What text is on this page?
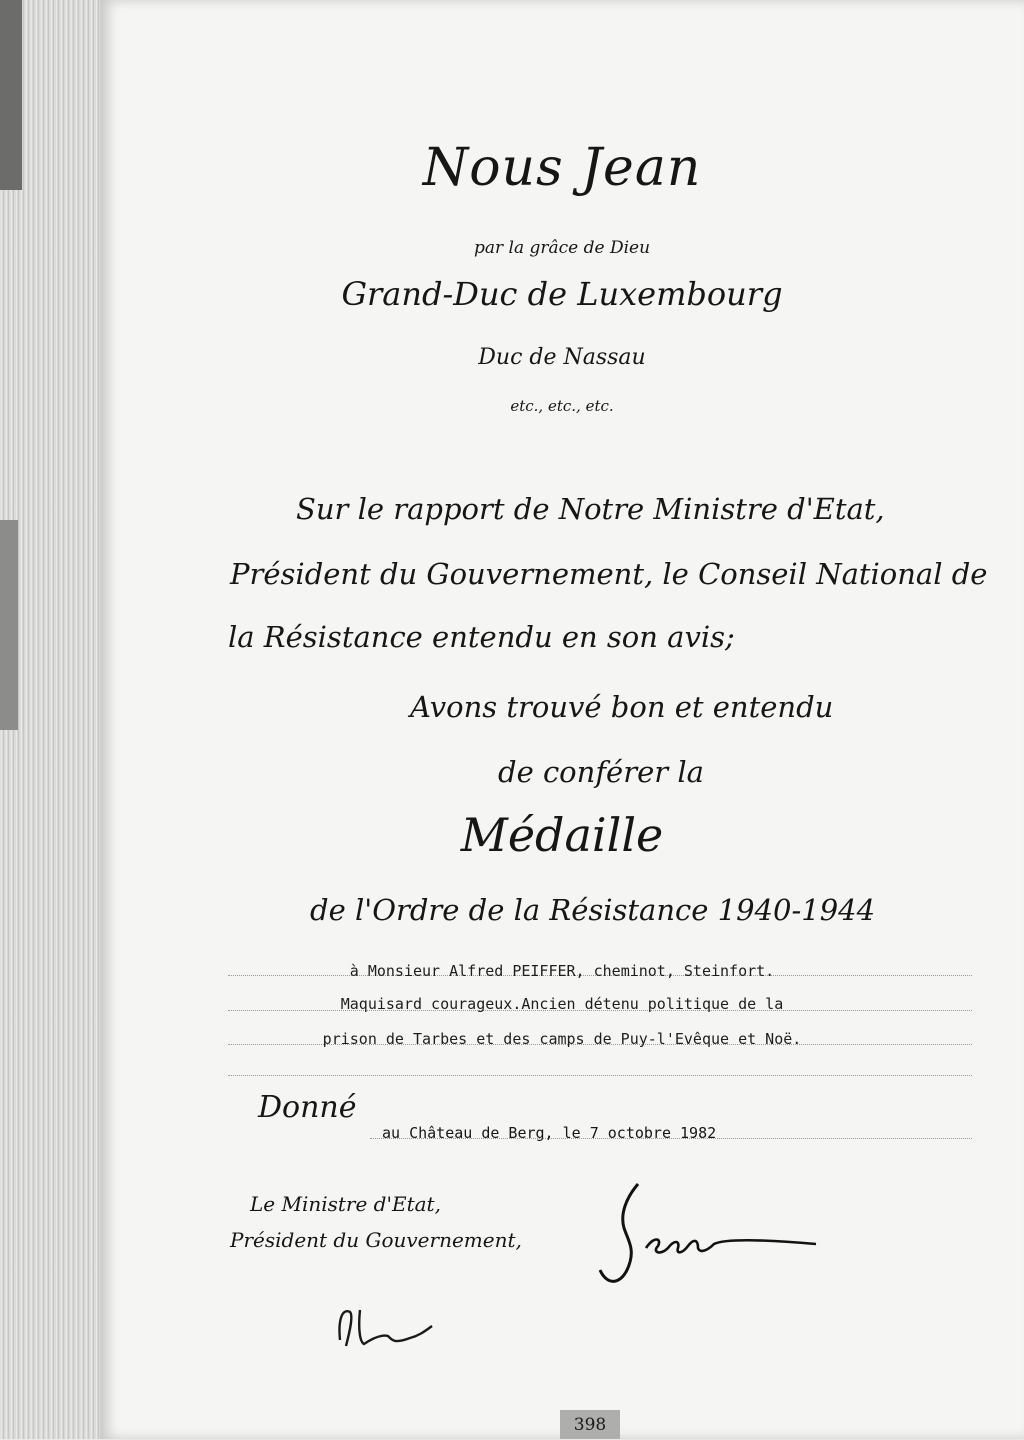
Nous Jean
par la grâce de Dieu
Grand-Duc de Luxembourg
Duc de Nassau
etc., etc., etc.
Sur le rapport de Notre Ministre d'Etat,
Président du Gouvernement, le Conseil National de
la Résistance entendu en son avis;
Avons trouvé bon et entendu
de conférer la
Médaille
de l'Ordre de la Résistance 1940-1944
à Monsieur Alfred PEIFFER, cheminot, Steinfort.
Maquisard courageux.Ancien détenu politique de la
prison de Tarbes et des camps de Puy-l'Evêque et Noë.
Donné
au Château de Berg, le 7 octobre 1982
Le Ministre d'Etat,
Président du Gouvernement,
Jean
398
